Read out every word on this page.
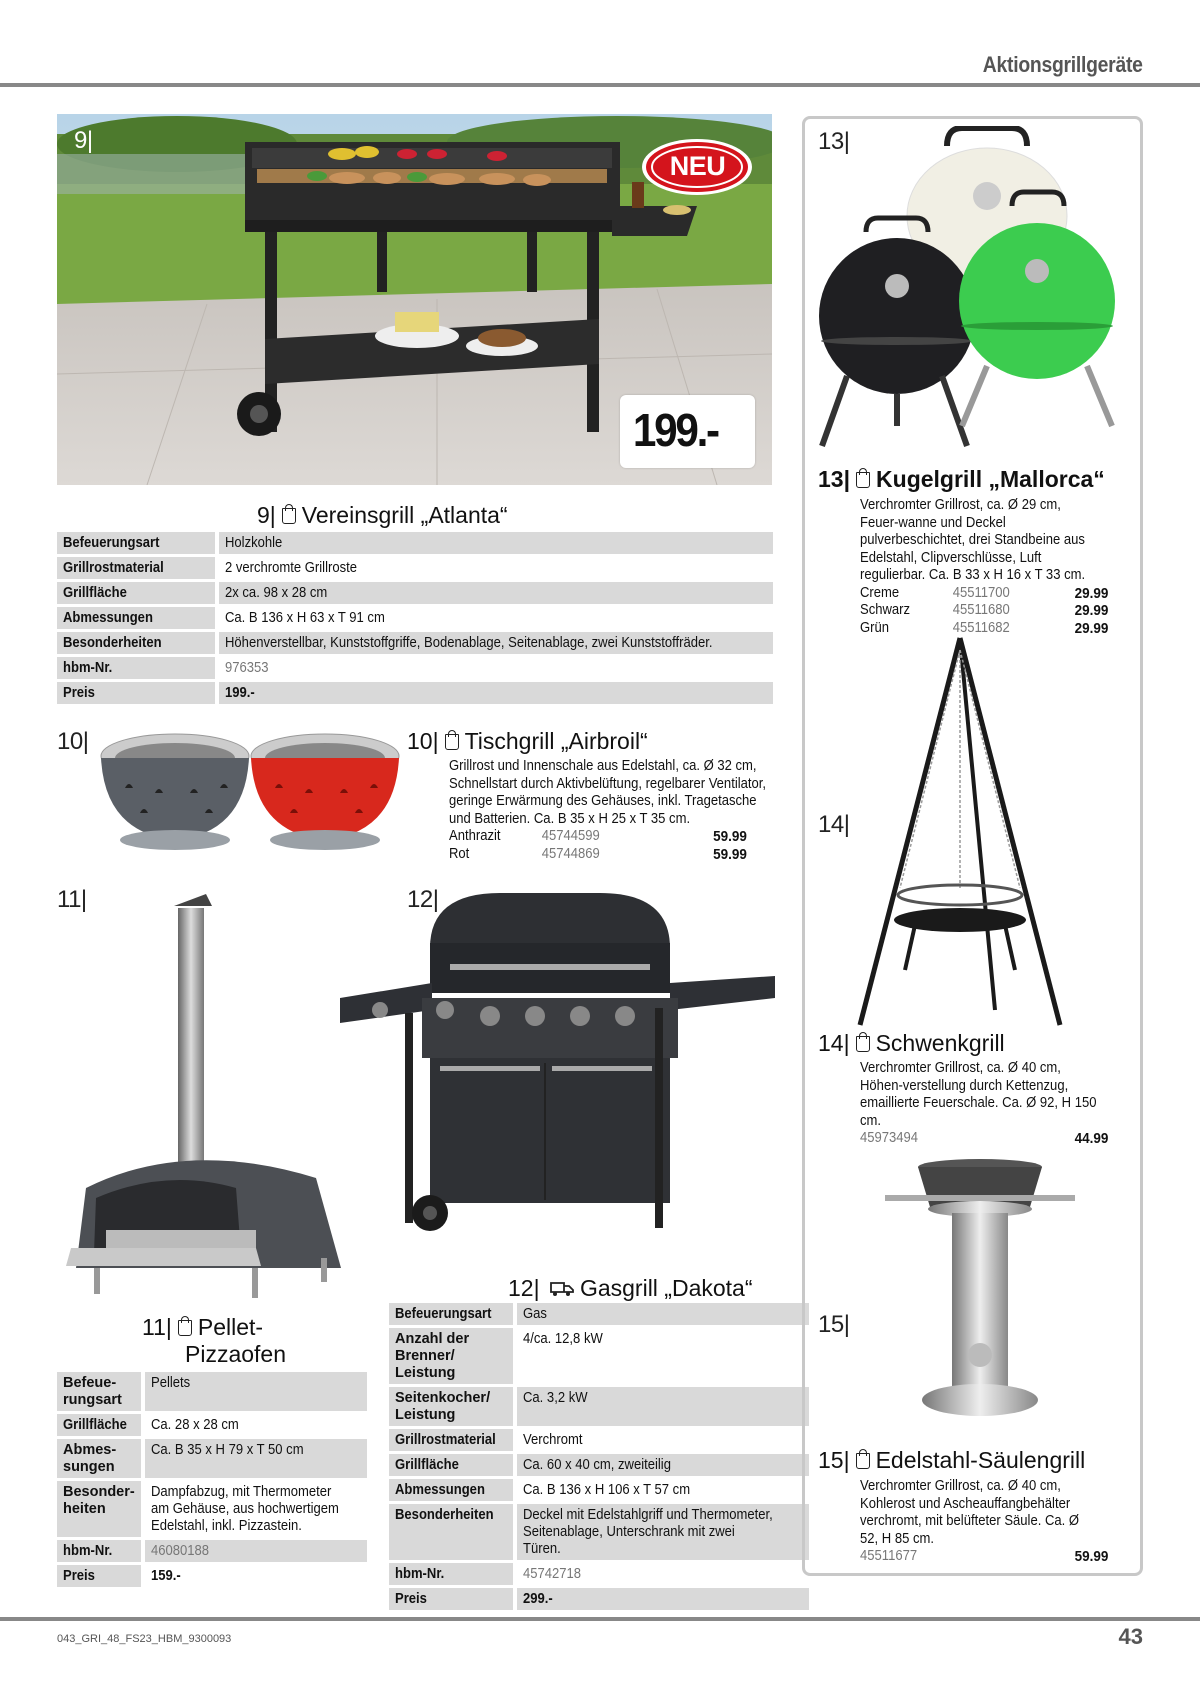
Aktionsgrillgeräte
9|
NEU
199.-
9| Vereinsgrill „Atlanta“
Befeuerungsart	Holzkohle
Grillrostmaterial	2 verchromte Grillroste
Grillfläche	2x ca. 98 x 28 cm
Abmessungen	Ca. B 136 x H 63 x T 91 cm
Besonderheiten	Höhenverstellbar, Kunststoffgriffe, Bodenablage, Seitenablage, zwei Kunststoffräder.
hbm-Nr.	976353
Preis	199.-
10|	10| Tischgrill „Airbroil“
Grillrost und Innenschale aus Edelstahl, ca. Ø 32 cm, Schnellstart durch Aktivbelüftung, regelbarer Ventilator, geringe Erwärmung des Gehäuses, inkl. Tragetasche und Batterien. Ca. B 35 x H 25 x T 35 cm.
Anthrazit	45744599	59.99
Rot	45744869	59.99
11|
11| Pellet-
Pizzaofen
Befeue-rungsart	Pellets
Grillfläche	Ca. 28 x 28 cm
Abmes-sungen	Ca. B 35 x H 79 x T 50 cm
Besonder-heiten	Dampfabzug, mit Thermometer am Gehäuse, aus hochwertigem Edelstahl, inkl. Pizzastein.

hbm-Nr.	46080188
Preis	159.-
12|
12| Gasgrill „Dakota“
Befeuerungsart	Gas

Anzahl der Brenner/ Leistung	4/ca. 12,8 kW

Seitenkocher/ Leistung	Ca. 3,2 kW
Grillrostmaterial	Verchromt
Grillfläche	Ca. 60 x 40 cm, zweiteilig
Abmessungen	Ca. B 136 x H 106 x T 57 cm
Besonderheiten	Deckel mit Edelstahlgriff und Thermometer, Seitenablage, Unterschrank mit zwei Türen.

hbm-Nr.	45742718
Preis	299.-
13|
13| Kugelgrill „Mallorca“
Verchromter Grillrost, ca. Ø 29 cm, Feuer-wanne und Deckel pulverbeschichtet, drei Standbeine aus Edelstahl, Clipverschlüsse, Luft regulierbar. Ca. B 33 x H 16 x T 33 cm.
Creme	45511700	29.99
Schwarz	45511680	29.99
Grün	45511682	29.99
14|
14| Schwenkgrill
Verchromter Grillrost, ca. Ø 40 cm, Höhen-verstellung durch Kettenzug, emaillierte Feuerschale. Ca. Ø 92, H 150 cm.
45973494	44.99
15|
15| Edelstahl-Säulengrill
Verchromter Grillrost, ca. Ø 40 cm, Kohlerost und Ascheauffangbehälter verchromt, mit belüfteter Säule. Ca. Ø 52, H 85 cm.
45511677	59.99
043_GRI_48_FS23_HBM_9300093	43
